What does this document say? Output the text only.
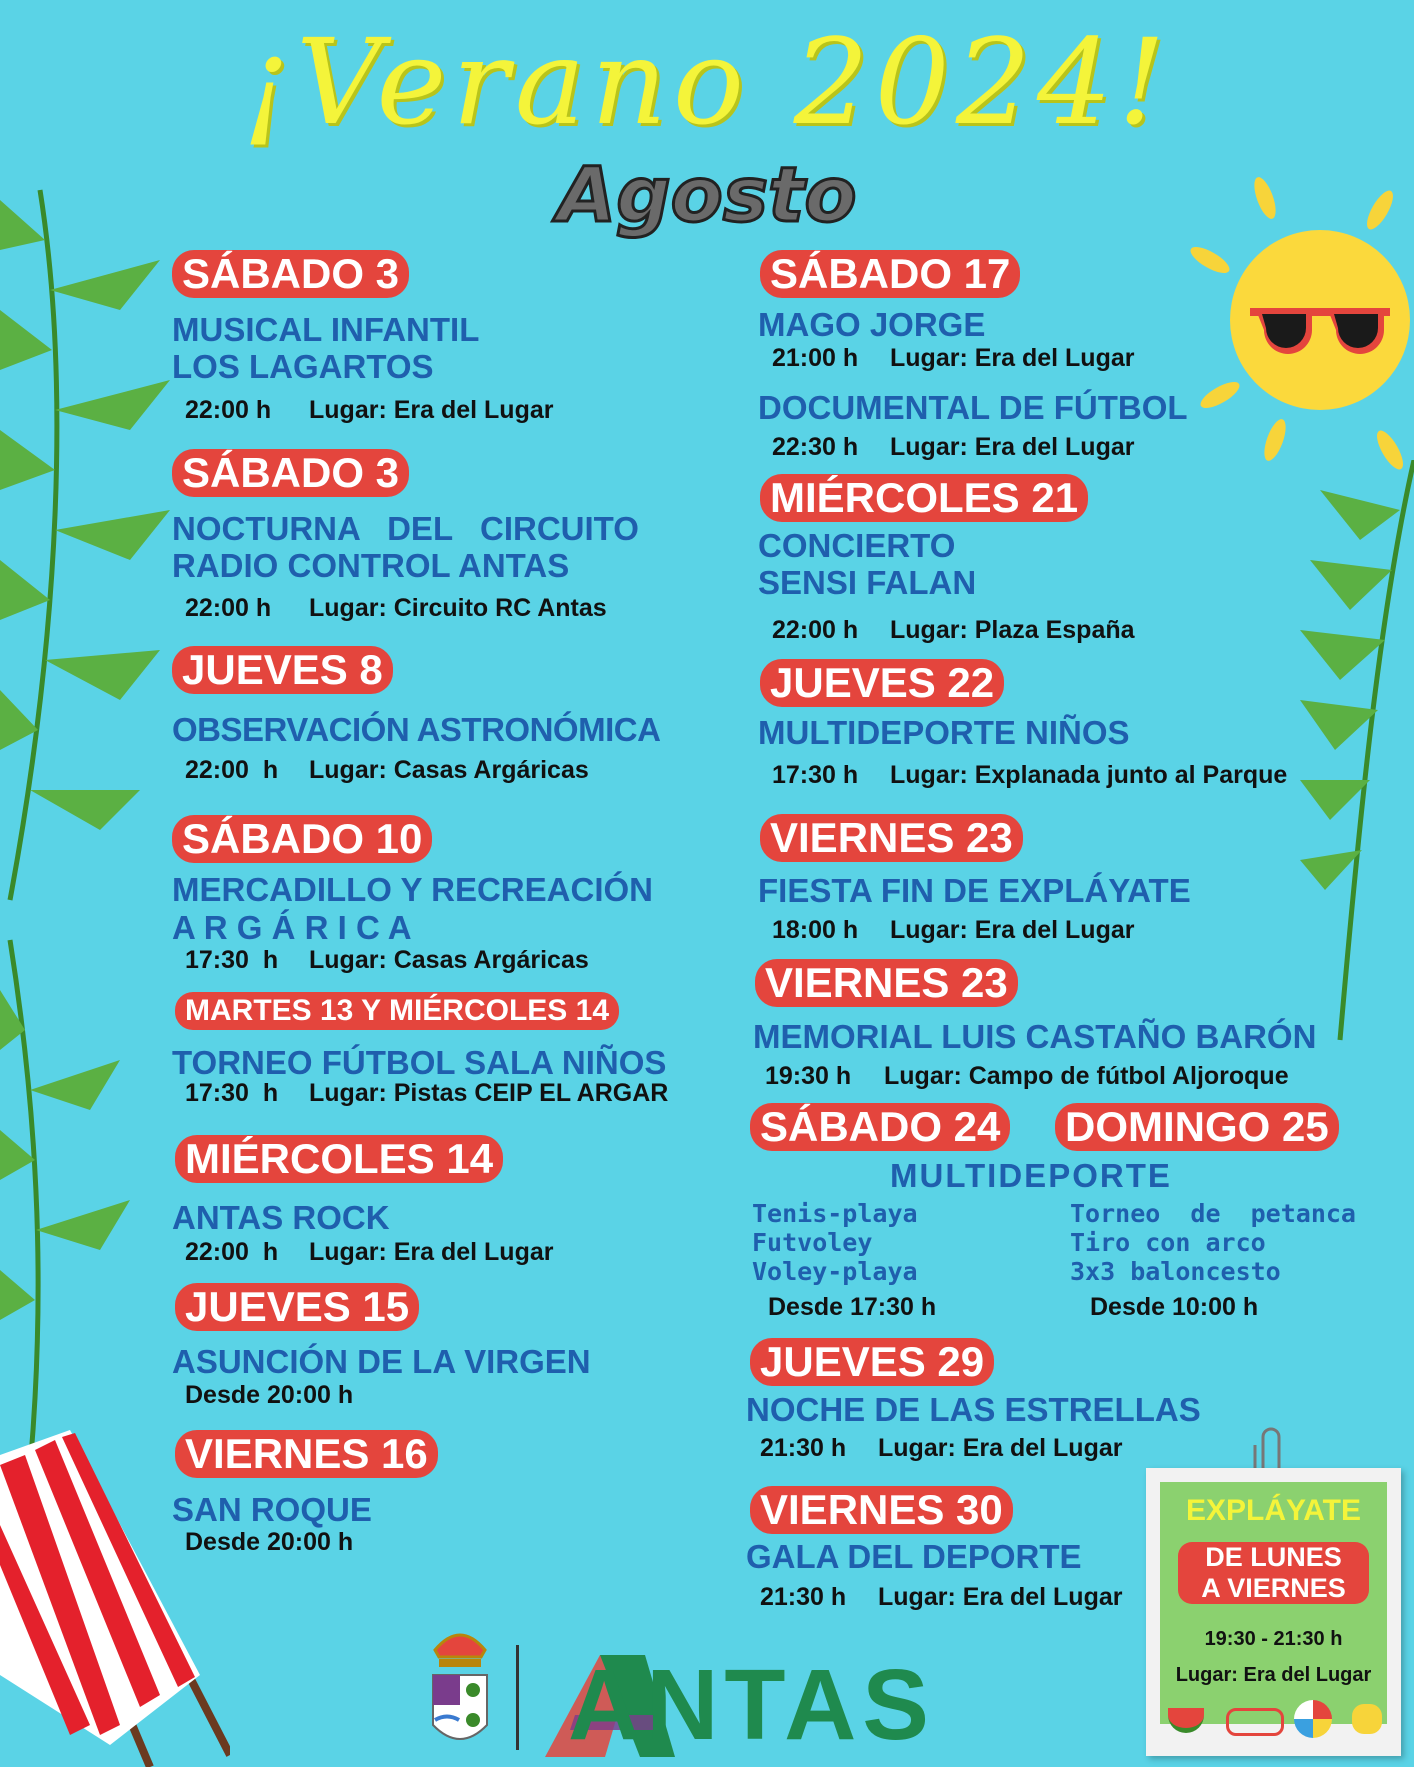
¡Verano 2024!
Agosto
SÁBADO 3
MUSICAL INFANTIL
LOS LAGARTOS
22:00 h Lugar: Era del Lugar
SÁBADO 3
NOCTURNA   DEL   CIRCUITO
RADIO CONTROL ANTAS
22:00 h Lugar: Circuito RC Antas
JUEVES 8
OBSERVACIÓN ASTRONÓMICA
22:00  h Lugar: Casas Argáricas
SÁBADO 10
MERCADILLO Y RECREACIÓN
A R G Á R I C A
17:30  h Lugar: Casas Argáricas
MARTES 13 Y MIÉRCOLES 14
TORNEO FÚTBOL SALA NIÑOS
17:30  h Lugar: Pistas CEIP EL ARGAR
MIÉRCOLES 14
ANTAS ROCK
22:00  h Lugar: Era del Lugar
JUEVES 15
ASUNCIÓN DE LA VIRGEN
Desde 20:00 h
VIERNES 16
SAN ROQUE
Desde 20:00 h
SÁBADO 17
MAGO JORGE
21:00 h Lugar: Era del Lugar
DOCUMENTAL DE FÚTBOL
22:30 h Lugar: Era del Lugar
MIÉRCOLES 21
CONCIERTO
SENSI FALAN
22:00 h Lugar: Plaza España
JUEVES 22
MULTIDEPORTE NIÑOS
17:30 h Lugar: Explanada junto al Parque
VIERNES 23
FIESTA FIN DE EXPLÁYATE
18:00 h Lugar: Era del Lugar
VIERNES 23
MEMORIAL LUIS CASTAÑO BARÓN
19:30 h Lugar: Campo de fútbol Aljoroque
SÁBADO 24 DOMINGO 25
MULTIDEPORTE
Tenis-playa
Futvoley
Voley-playa
Desde 17:30 h
Torneo  de  petanca
Tiro con arco
3x3 baloncesto
Desde 10:00 h
JUEVES 29
NOCHE DE LAS ESTRELLAS
21:30 h Lugar: Era del Lugar
VIERNES 30
GALA DEL DEPORTE
21:30 h Lugar: Era del Lugar
EXPLÁYATE
DE LUNES
A VIERNES
19:30 - 21:30 h
Lugar: Era del Lugar
ANTAS
